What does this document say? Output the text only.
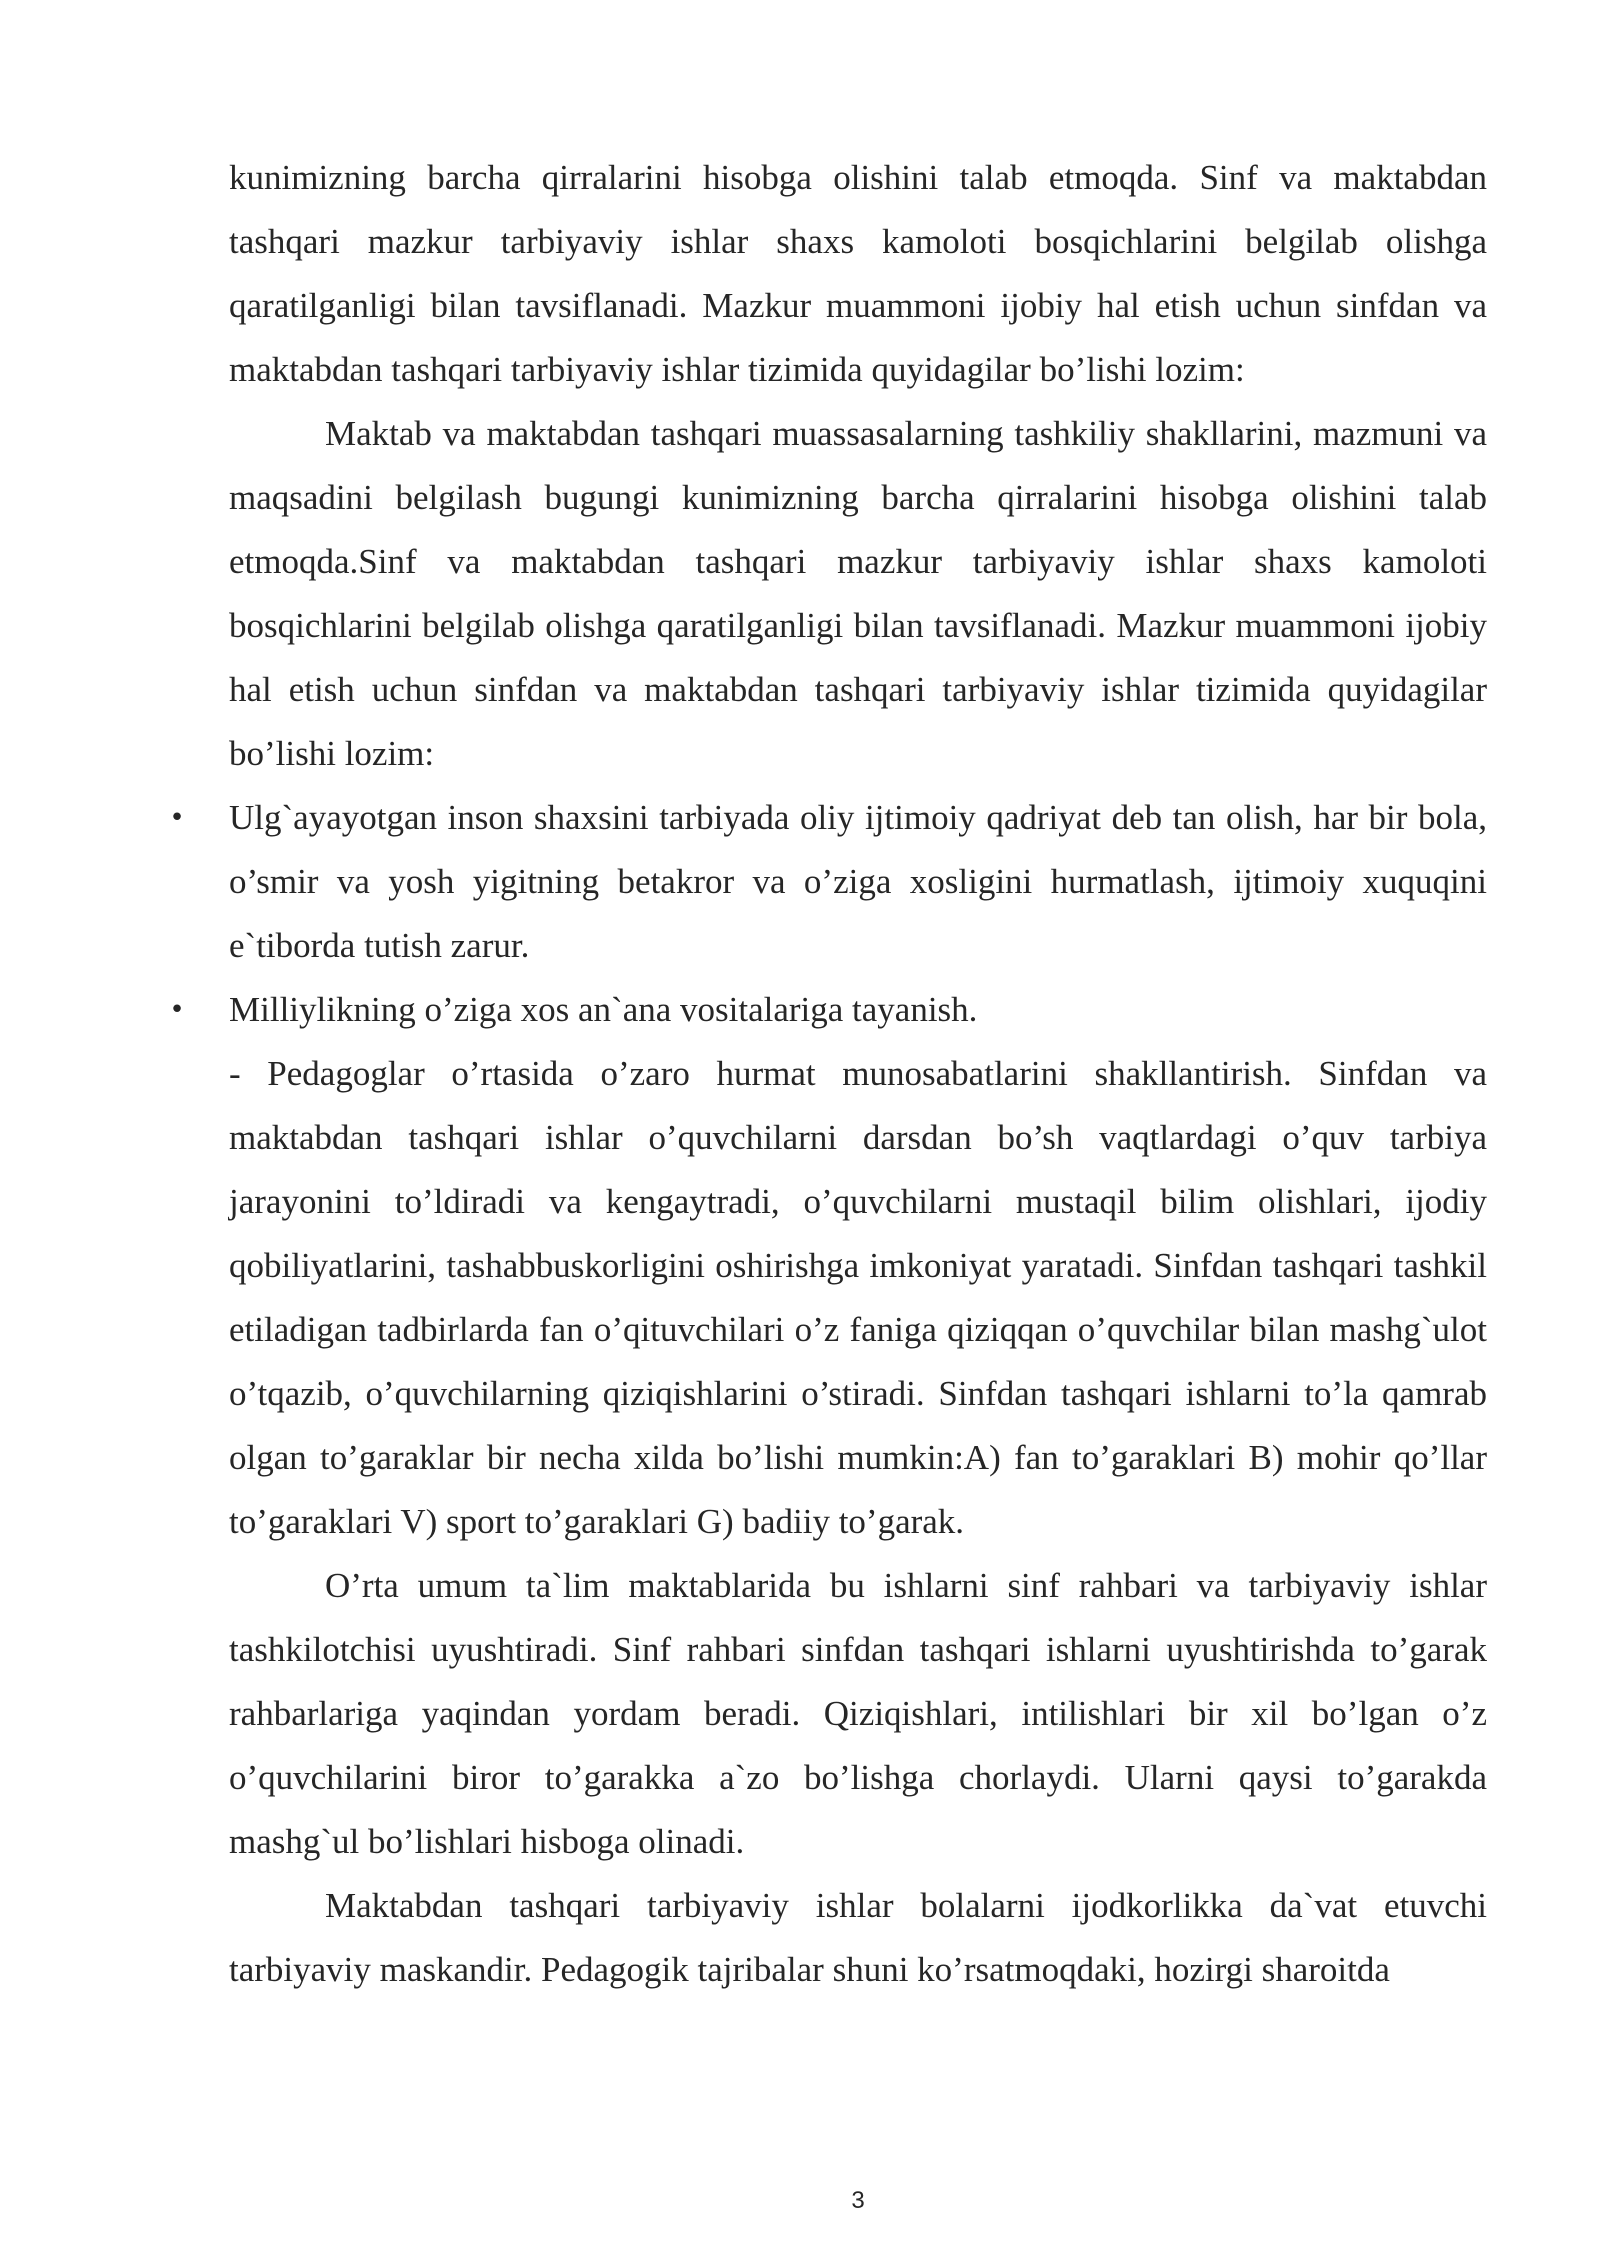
kunimizning barcha qirralarini hisobga olishini talab etmoqda. Sinf va maktabdan tashqari mazkur tarbiyaviy ishlar shaxs kamoloti bosqichlarini belgilab olishga qaratilganligi bilan tavsiflanadi. Mazkur muammoni ijobiy hal etish uchun sinfdan va maktabdan tashqari tarbiyaviy ishlar tizimida quyidagilar bo’lishi lozim:

Maktab va maktabdan tashqari muassasalarning tashkiliy shakllarini, mazmuni va maqsadini belgilash bugungi kunimizning barcha qirralarini hisobga olishini talab etmoqda.Sinf va maktabdan tashqari mazkur tarbiyaviy ishlar shaxs kamoloti bosqichlarini belgilab olishga qaratilganligi bilan tavsiflanadi. Mazkur muammoni ijobiy hal etish uchun sinfdan va maktabdan tashqari tarbiyaviy ishlar tizimida quyidagilar bo’lishi lozim:

• Ulg`ayayotgan inson shaxsini tarbiyada oliy ijtimoiy qadriyat deb tan olish, har bir bola, o’smir va yosh yigitning betakror va o’ziga xosligini hurmatlash, ijtimoiy xuquqini e`tiborda tutish zarur.
• Milliylikning o’ziga xos an`ana vositalariga tayanish.

- Pedagoglar o’rtasida o’zaro hurmat munosabatlarini shakllantirish. Sinfdan va maktabdan tashqari ishlar o’quvchilarni darsdan bo’sh vaqtlardagi o’quv tarbiya jarayonini to’ldiradi va kengaytradi, o’quvchilarni mustaqil bilim olishlari, ijodiy qobiliyatlarini, tashabbuskorligini oshirishga imkoniyat yaratadi. Sinfdan tashqari tashkil etiladigan tadbirlarda fan o’qituvchilari o’z faniga qiziqqan o’quvchilar bilan mashg`ulot o’tqazib, o’quvchilarning qiziqishlarini o’stiradi. Sinfdan tashqari ishlarni to’la qamrab olgan to’garaklar bir necha xilda bo’lishi mumkin:A) fan to’garaklari B) mohir qo’llar to’garaklari V) sport to’garaklari G) badiiy to’garak.

O’rta umum ta`lim maktablarida bu ishlarni sinf rahbari va tarbiyaviy ishlar tashkilotchisi uyushtiradi. Sinf rahbari sinfdan tashqari ishlarni uyushtirishda to’garak rahbarlariga yaqindan yordam beradi. Qiziqishlari, intilishlari bir xil bo’lgan o’z o’quvchilarini biror to’garakka a`zo bo’lishga chorlaydi. Ularni qaysi to’garakda mashg`ul bo’lishlari hisboga olinadi.

Maktabdan tashqari tarbiyaviy ishlar bolalarni ijodkorlikka da`vat etuvchi tarbiyaviy maskandir. Pedagogik tajribalar shuni ko’rsatmoqdaki, hozirgi sharoitda

3
